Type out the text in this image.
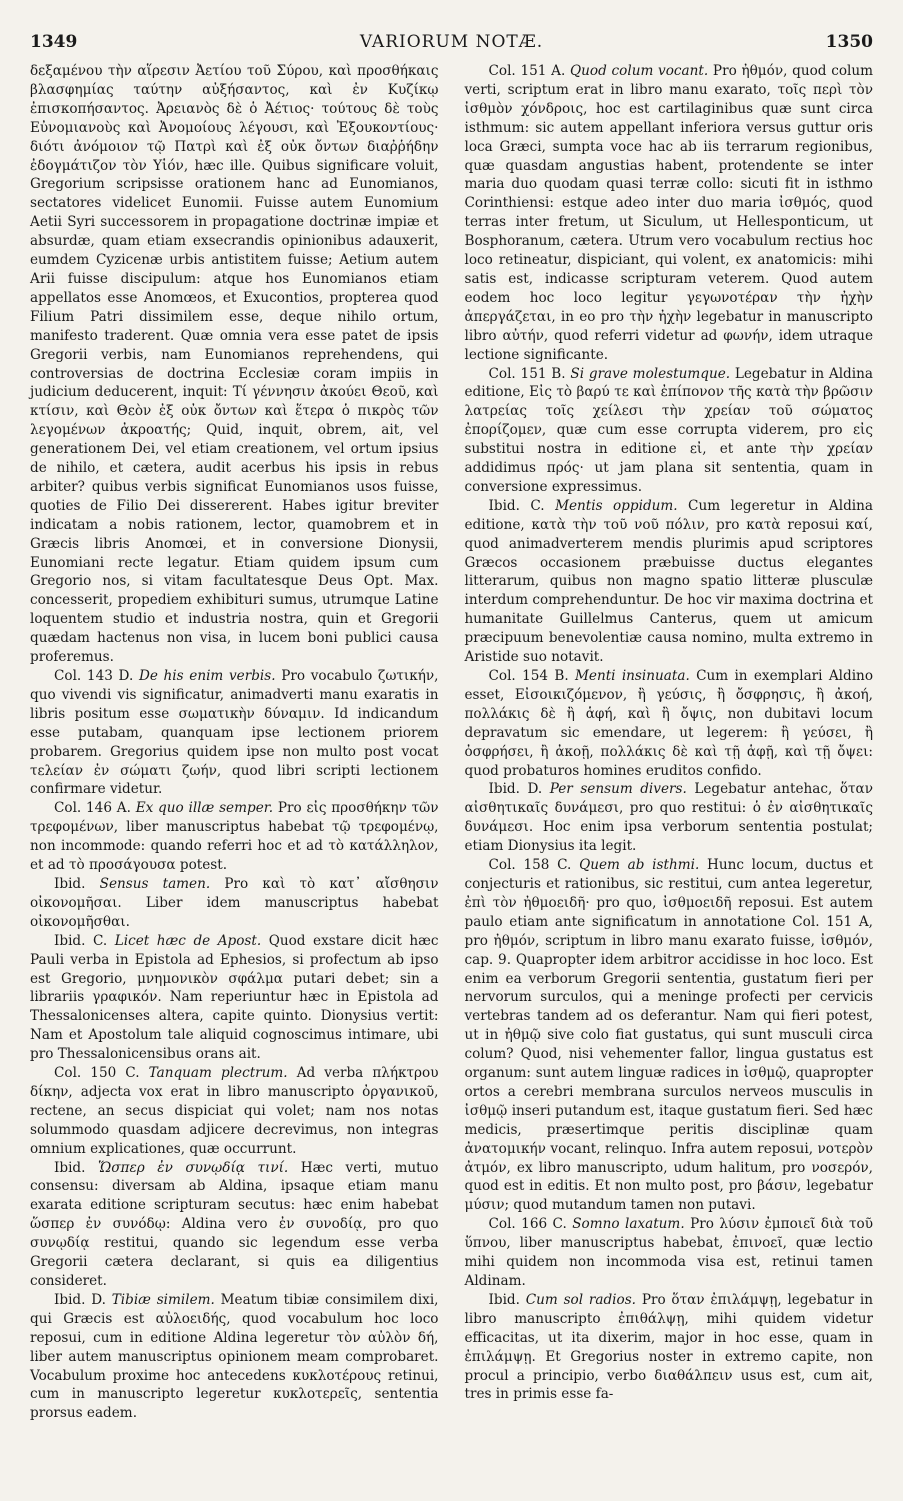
1349	VARIORUM NOTÆ.	1350

δεξαμένου τὴν αἵρεσιν Ἀετίου τοῦ Σύρου, καὶ προσθήκαις βλασφημίας ταύτην αὐξήσαντος, καὶ ἐν Κυζίκῳ ἐπισκοπήσαντος. Ἀρειανὸς δὲ ὁ Ἀέτιος· τούτους δὲ τοὺς Εὐνομιανοὺς καὶ Ἀνομοίους λέγουσι, καὶ Ἐξουκοντίους· διότι ἀνόμοιον τῷ Πατρὶ καὶ ἐξ οὐκ ὄντων διαῤῥήδην ἐδογμάτιζον τὸν Υἱόν, hæc ille. Quibus significare voluit, Gregorium scripsisse orationem hanc ad Eunomianos, sectatores videlicet Eunomii. Fuisse autem Eunomium Aetii Syri successorem in propagatione doctrinæ impiæ et absurdæ, quam etiam exsecrandis opinionibus adauxerit, eumdem Cyzicenæ urbis antistitem fuisse; Aetium autem Arii fuisse discipulum: atque hos Eunomianos etiam appellatos esse Anomœos, et Exucontios, propterea quod Filium Patri dissimilem esse, deque nihilo ortum, manifesto traderent. Quæ omnia vera esse patet de ipsis Gregorii verbis, nam Eunomianos reprehendens, qui controversias de doctrina Ecclesiæ coram impiis in judicium deducerent, inquit: Τί γέννησιν ἀκούει Θεοῦ, καὶ κτίσιν, καὶ Θεὸν ἐξ οὐκ ὄντων καὶ ἕτερα ὁ πικρὸς τῶν λεγομένων ἀκροατής; Quid, inquit, obrem, ait, vel generationem Dei, vel etiam creationem, vel ortum ipsius de nihilo, et cætera, audit acerbus his ipsis in rebus arbiter? quibus verbis significat Eunomianos usos fuisse, quoties de Filio Dei dissererent. Habes igitur breviter indicatam a nobis rationem, lector, quamobrem et in Græcis libris Anomœi, et in conversione Dionysii, Eunomiani recte legatur. Etiam quidem ipsum cum Gregorio nos, si vitam facultatesque Deus Opt. Max. concesserit, propediem exhibituri sumus, utrumque Latine loquentem studio et industria nostra, quin et Gregorii quædam hactenus non visa, in lucem boni publici causa proferemus.

Col. 143 D. De his enim verbis. Pro vocabulo ζωτικήν, quo vivendi vis significatur, animadverti manu exaratis in libris positum esse σωματικὴν δύναμιν. Id indicandum esse putabam, quanquam ipse lectionem priorem probarem. Gregorius quidem ipse non multo post vocat τελείαν ἐν σώματι ζωήν, quod libri scripti lectionem confirmare videtur.

Col. 146 A. Ex quo illæ semper. Pro εἰς προσθήκην τῶν τρεφομένων, liber manuscriptus habebat τῷ τρεφομένῳ, non incommode: quando referri hoc et ad τὸ κατάλληλον, et ad τὸ προσάγουσα potest.

Ibid. Sensus tamen. Pro καὶ τὸ κατ᾽ αἴσθησιν οἰκονομῆσαι. Liber idem manuscriptus habebat οἰκονομῆσθαι.

Ibid. C. Licet hæc de Apost. Quod exstare dicit hæc Pauli verba in Epistola ad Ephesios, si profectum ab ipso est Gregorio, μνημονικὸν σφάλμα putari debet; sin a librariis γραφικόν. Nam reperiuntur hæc in Epistola ad Thessalonicenses altera, capite quinto. Dionysius vertit: Nam et Apostolum tale aliquid cognoscimus intimare, ubi pro Thessalonicensibus orans ait.

Col. 150 C. Tanquam plectrum. Ad verba πλήκτρου δίκην, adjecta vox erat in libro manuscripto ὀργανικοῦ, rectene, an secus dispiciat qui volet; nam nos notas solummodo quasdam adjicere decrevimus, non integras omnium explicationes, quæ occurrunt.

Ibid. Ὥσπερ ἐν συνῳδίᾳ τινί. Hæc verti, mutuo consensu: diversam ab Aldina, ipsaque etiam manu exarata editione scripturam secutus: hæc enim habebat ὥσπερ ἐν συνόδῳ: Aldina vero ἐν συνοδίᾳ, pro quo συνῳδίᾳ restitui, quando sic legendum esse verba Gregorii cætera declarant, si quis ea diligentius consideret.

Ibid. D. Tibiæ similem. Meatum tibiæ consimilem dixi, qui Græcis est αὐλοειδής, quod vocabulum hoc loco reposui, cum in editione Aldina legeretur τὸν αὐλὸν δή, liber autem manuscriptus opinionem meam comprobaret. Vocabulum proxime hoc antecedens κυκλοτέρους retinui, cum in manuscripto legeretur κυκλοτερεῖς, sententia prorsus eadem.

Col. 151 A. Quod colum vocant. Pro ἠθμόν, quod colum verti, scriptum erat in libro manu exarato, τοῖς περὶ τὸν ἰσθμὸν χόνδροις, hoc est cartilaginibus quæ sunt circa isthmum: sic autem appellant inferiora versus guttur oris loca Græci, sumpta voce hac ab iis terrarum regionibus, quæ quasdam angustias habent, protendente se inter maria duo quodam quasi terræ collo: sicuti fit in isthmo Corinthiensi: estque adeo inter duo maria ἰσθμός, quod terras inter fretum, ut Siculum, ut Hellesponticum, ut Bosphoranum, cætera. Utrum vero vocabulum rectius hoc loco retineatur, dispiciant, qui volent, ex anatomicis: mihi satis est, indicasse scripturam veterem. Quod autem eodem hoc loco legitur γεγωνοτέραν τὴν ἠχὴν ἀπεργάζεται, in eo pro τὴν ἠχὴν legebatur in manuscripto libro αὐτήν, quod referri videtur ad φωνήν, idem utraque lectione significante.

Col. 151 B. Si grave molestumque. Legebatur in Aldina editione, Εἰς τὸ βαρύ τε καὶ ἐπίπονον τῆς κατὰ τὴν βρῶσιν λατρείας τοῖς χείλεσι τὴν χρείαν τοῦ σώματος ἐπορίζομεν, quæ cum esse corrupta viderem, pro εἰς substitui nostra in editione εἰ, et ante τὴν χρείαν addidimus πρός· ut jam plana sit sententia, quam in conversione expressimus.

Ibid. C. Mentis oppidum. Cum legeretur in Aldina editione, κατὰ τὴν τοῦ νοῦ πόλιν, pro κατὰ reposui καί, quod animadverterem mendis plurimis apud scriptores Græcos occasionem præbuisse ductus elegantes litterarum, quibus non magno spatio litteræ plusculæ interdum comprehenduntur. De hoc vir maxima doctrina et humanitate Guillelmus Canterus, quem ut amicum præcipuum benevolentiæ causa nomino, multa extremo in Aristide suo notavit.

Col. 154 B. Menti insinuata. Cum in exemplari Aldino esset, Εἰσοικιζόμενον, ἢ γεύσις, ἢ ὄσφρησις, ἢ ἀκοή, πολλάκις δὲ ἢ ἁφή, καὶ ἢ ὄψις, non dubitavi locum depravatum sic emendare, ut legerem: ἢ γεύσει, ἢ ὀσφρήσει, ἢ ἀκοῇ, πολλάκις δὲ καὶ τῇ ἁφῇ, καὶ τῇ ὄψει: quod probaturos homines eruditos confido.

Ibid. D. Per sensum divers. Legebatur antehac, ὅταν αἰσθητικαῖς δυνάμεσι, pro quo restitui: ὁ ἐν αἰσθητικαῖς δυνάμεσι. Hoc enim ipsa verborum sententia postulat; etiam Dionysius ita legit.

Col. 158 C. Quem ab isthmi. Hunc locum, ductus et conjecturis et rationibus, sic restitui, cum antea legeretur, ἐπὶ τὸν ἠθμοειδῆ· pro quo, ἰσθμοειδῆ reposui. Est autem paulo etiam ante significatum in annotatione Col. 151 A, pro ἠθμόν, scriptum in libro manu exarato fuisse, ἰσθμόν, cap. 9. Quapropter idem arbitror accidisse in hoc loco. Est enim ea verborum Gregorii sententia, gustatum fieri per nervorum surculos, qui a meninge profecti per cervicis vertebras tandem ad os deferantur. Nam qui fieri potest, ut in ἠθμῷ sive colo fiat gustatus, qui sunt musculi circa colum? Quod, nisi vehementer fallor, lingua gustatus est organum: sunt autem linguæ radices in ἰσθμῷ, quapropter ortos a cerebri membrana surculos nerveos musculis in ἰσθμῷ inseri putandum est, itaque gustatum fieri. Sed hæc medicis, præsertimque peritis disciplinæ quam ἀνατομικήν vocant, relinquo. Infra autem reposui, νοτερὸν ἀτμόν, ex libro manuscripto, udum halitum, pro νοσερόν, quod est in editis. Et non multo post, pro βάσιν, legebatur μύσιν; quod mutandum tamen non putavi.

Col. 166 C. Somno laxatum. Pro λύσιν ἐμποιεῖ διὰ τοῦ ὕπνου, liber manuscriptus habebat, ἐπινοεῖ, quæ lectio mihi quidem non incommoda visa est, retinui tamen Aldinam.

Ibid. Cum sol radios. Pro ὅταν ἐπιλάμψῃ, legebatur in libro manuscripto ἐπιθάλψῃ, mihi quidem videtur efficacitas, ut ita dixerim, major in hoc esse, quam in ἐπιλάμψῃ. Et Gregorius noster in extremo capite, non procul a principio, verbo διαθάλπειν usus est, cum ait, tres in primis esse fa-
